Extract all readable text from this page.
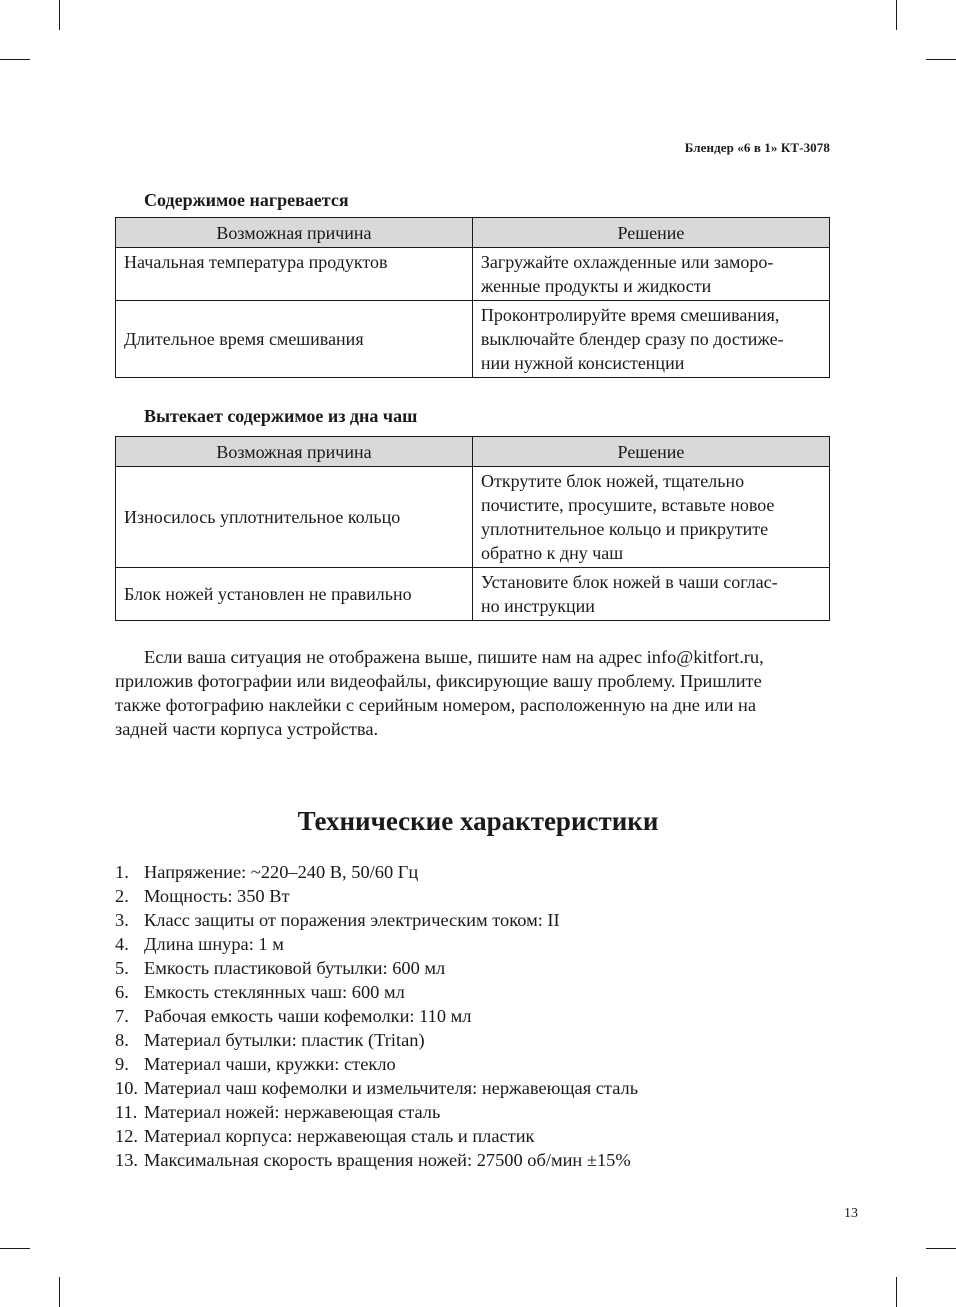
Блендер «6 в 1» КТ-3078
Содержимое нагревается
Возможная причина	Решение
Начальная температура продуктов	Загружайте охлажденные или заморо-
женные продукты и жидкости
Длительное время смешивания	Проконтролируйте время смешивания,
выключайте блендер сразу по достиже-
нии нужной консистенции
Вытекает содержимое из дна чаш
Возможная причина	Решение
Износилось уплотнительное кольцо	Открутите блок ножей, тщательно
почистите, просушите, вставьте новое
уплотнительное кольцо и прикрутите
обратно к дну чаш
Блок ножей установлен не правильно	Установите блок ножей в чаши соглас-
но инструкции
Если ваша ситуация не отображена выше, пишите нам на адрес info@kitfort.ru,
приложив фотографии или видеофайлы, фиксирующие вашу проблему. Пришлите
также фотографию наклейки с серийным номером, расположенную на дне или на
задней части корпуса устройства.
Технические характеристики
1. Напряжение: ~220–240 В, 50/60 Гц
2. Мощность: 350 Вт
3. Класс защиты от поражения электрическим током: II
4. Длина шнура: 1 м
5. Емкость пластиковой бутылки: 600 мл
6. Емкость стеклянных чаш: 600 мл
7. Рабочая емкость чаши кофемолки: 110 мл
8. Материал бутылки: пластик (Tritan)
9. Материал чаши, кружки: стекло
10. Материал чаш кофемолки и измельчителя: нержавеющая сталь
11. Материал ножей: нержавеющая сталь
12. Материал корпуса: нержавеющая сталь и пластик
13. Максимальная скорость вращения ножей: 27500 об/мин ±15%
13
